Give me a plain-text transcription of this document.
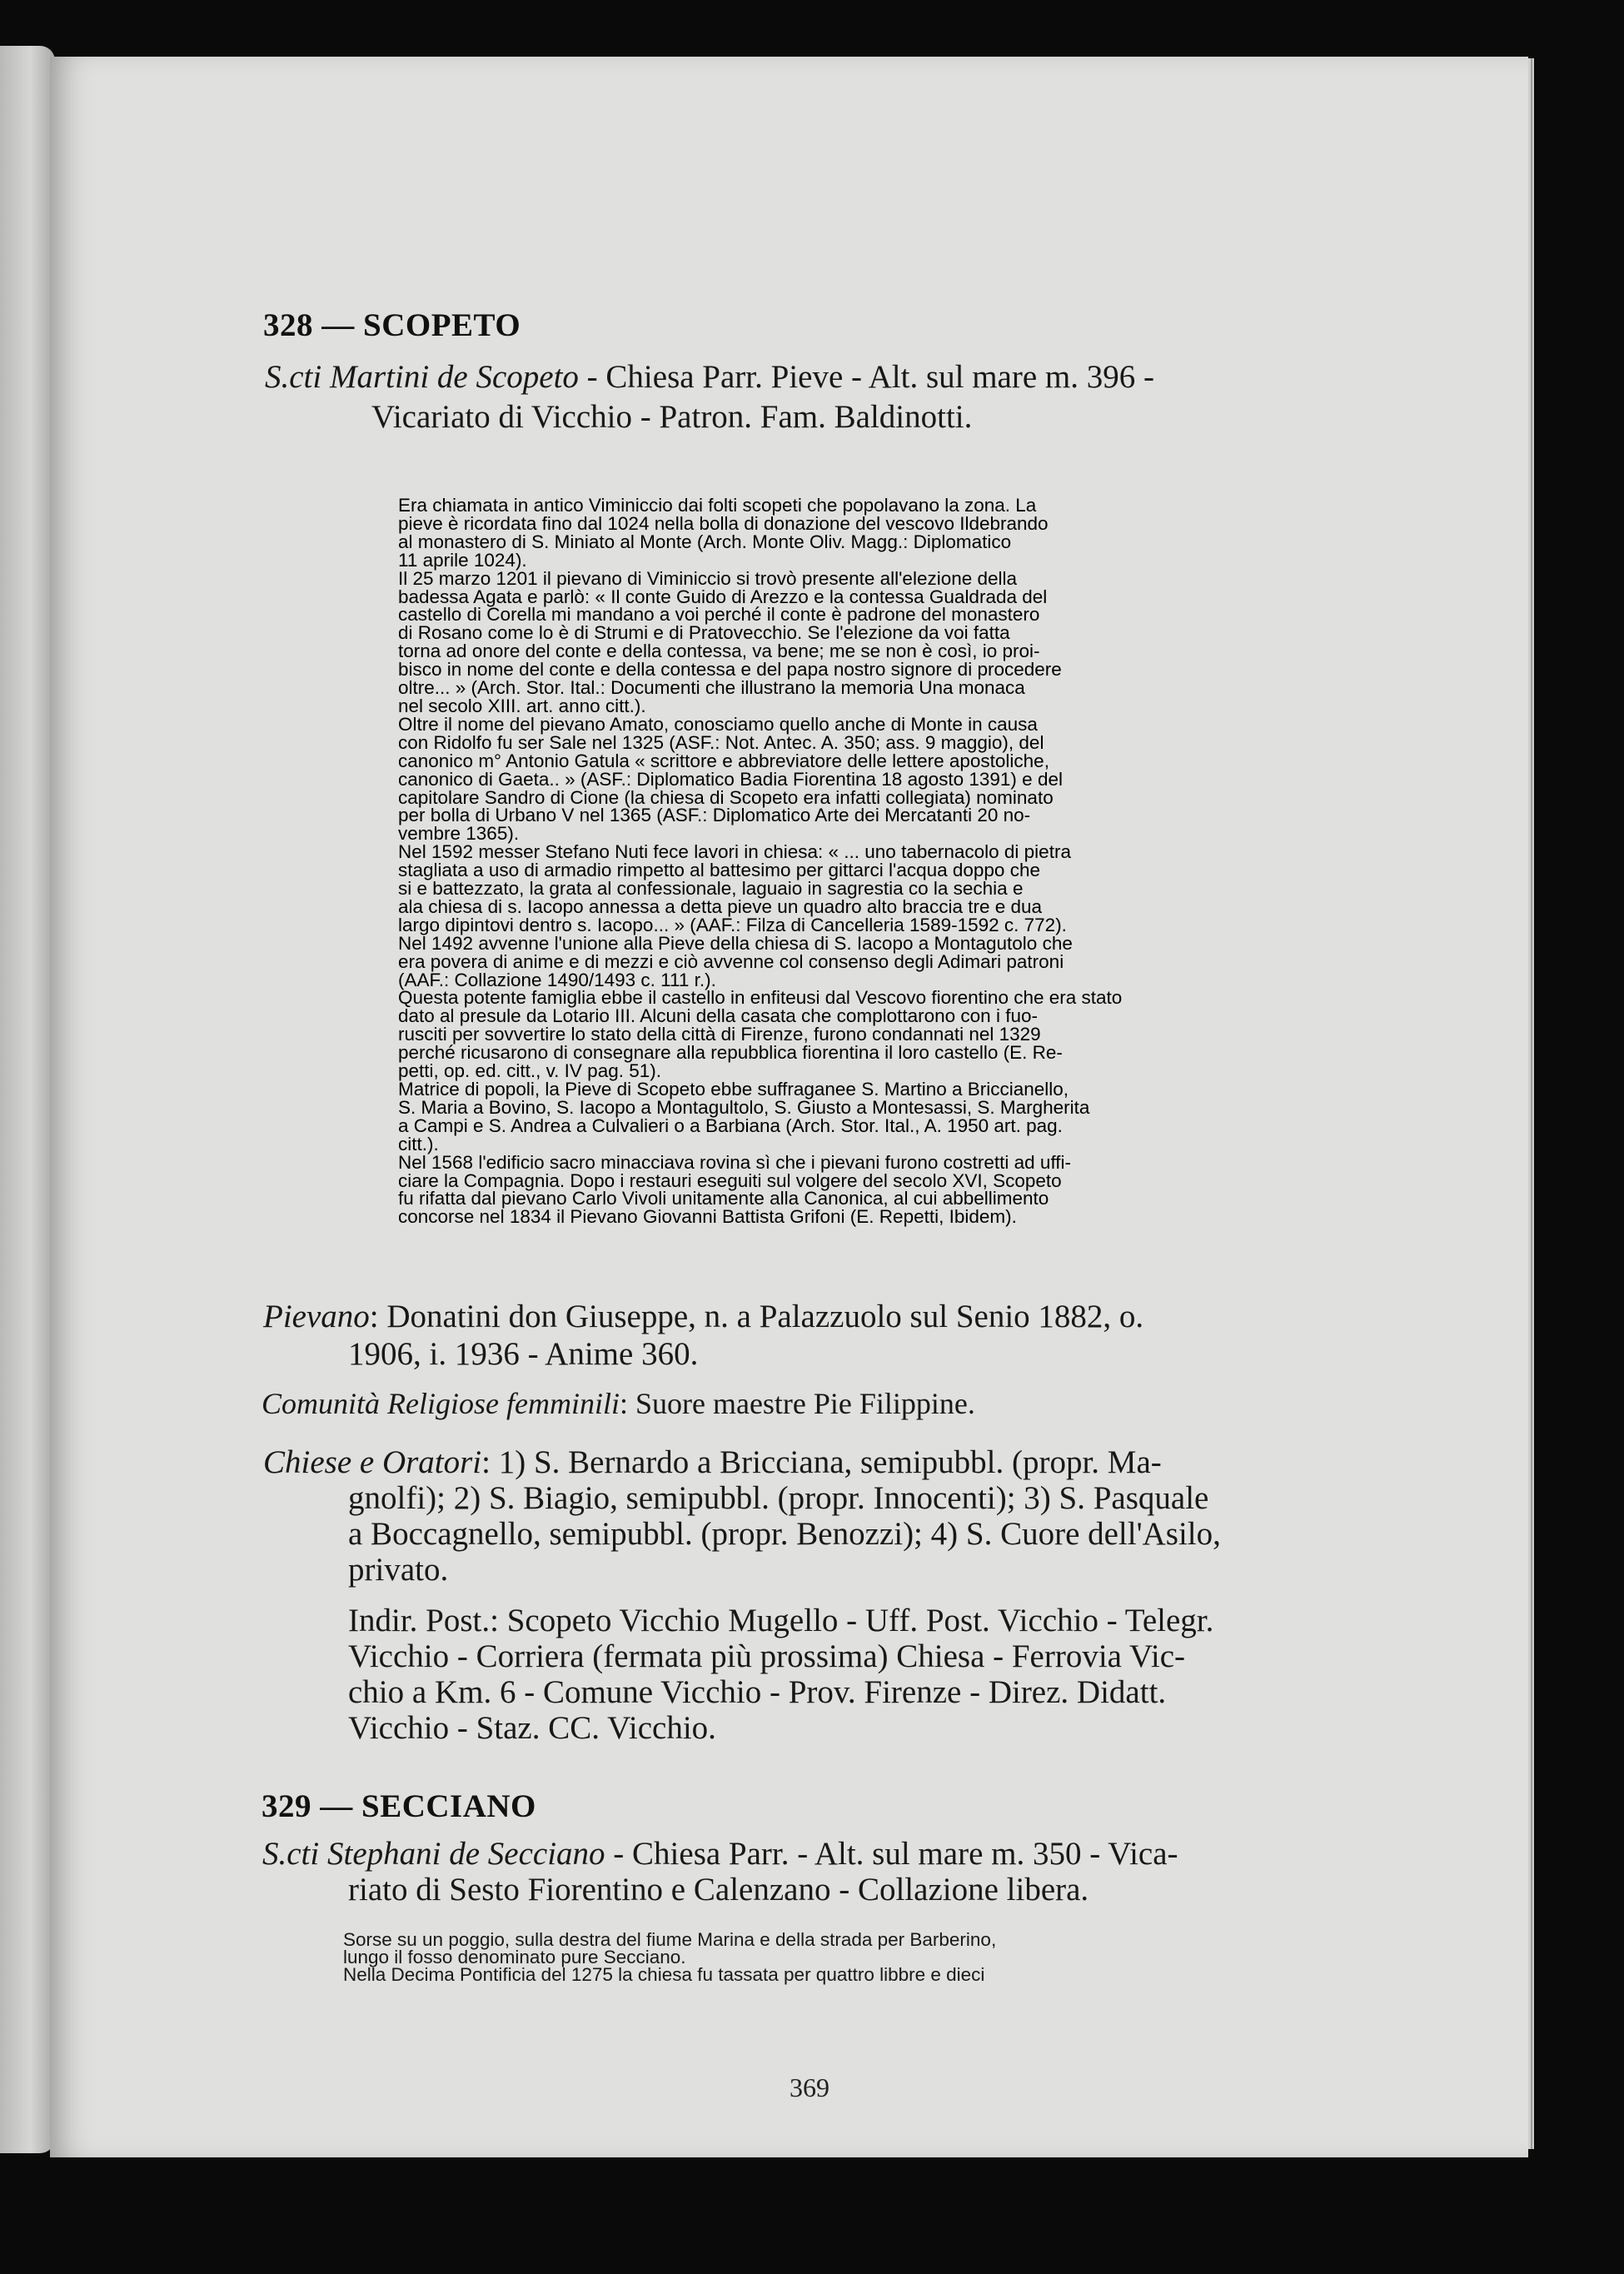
328 — SCOPETO
S.cti Martini de Scopeto - Chiesa Parr. Pieve - Alt. sul mare m. 396 -
Vicariato di Vicchio - Patron. Fam. Baldinotti.
Era chiamata in antico Viminiccio dai folti scopeti che popolavano la zona. La
pieve è ricordata fino dal 1024 nella bolla di donazione del vescovo Ildebrando
al monastero di S. Miniato al Monte (Arch. Monte Oliv. Magg.: Diplomatico
11 aprile 1024).
Il 25 marzo 1201 il pievano di Viminiccio si trovò presente all'elezione della
badessa Agata e parlò: « Il conte Guido di Arezzo e la contessa Gualdrada del
castello di Corella mi mandano a voi perché il conte è padrone del monastero
di Rosano come lo è di Strumi e di Pratovecchio. Se l'elezione da voi fatta
torna ad onore del conte e della contessa, va bene; me se non è così, io proi-
bisco in nome del conte e della contessa e del papa nostro signore di procedere
oltre... » (Arch. Stor. Ital.: Documenti che illustrano la memoria Una monaca
nel secolo XIII. art. anno citt.).
Oltre il nome del pievano Amato, conosciamo quello anche di Monte in causa
con Ridolfo fu ser Sale nel 1325 (ASF.: Not. Antec. A. 350; ass. 9 maggio), del
canonico m° Antonio Gatula « scrittore e abbreviatore delle lettere apostoliche,
canonico di Gaeta.. » (ASF.: Diplomatico Badia Fiorentina 18 agosto 1391) e del
capitolare Sandro di Cione (la chiesa di Scopeto era infatti collegiata) nominato
per bolla di Urbano V nel 1365 (ASF.: Diplomatico Arte dei Mercatanti 20 no-
vembre 1365).
Nel 1592 messer Stefano Nuti fece lavori in chiesa: « ... uno tabernacolo di pietra
stagliata a uso di armadio rimpetto al battesimo per gittarci l'acqua doppo che
si e battezzato, la grata al confessionale, laguaio in sagrestia co la sechia e
ala chiesa di s. Iacopo annessa a detta pieve un quadro alto braccia tre e dua
largo dipintovi dentro s. Iacopo... » (AAF.: Filza di Cancelleria 1589-1592 c. 772).
Nel 1492 avvenne l'unione alla Pieve della chiesa di S. Iacopo a Montagutolo che
era povera di anime e di mezzi e ciò avvenne col consenso degli Adimari patroni
(AAF.: Collazione 1490/1493 c. 111 r.).
Questa potente famiglia ebbe il castello in enfiteusi dal Vescovo fiorentino che era stato
dato al presule da Lotario III. Alcuni della casata che complottarono con i fuo-
rusciti per sovvertire lo stato della città di Firenze, furono condannati nel 1329
perché ricusarono di consegnare alla repubblica fiorentina il loro castello (E. Re-
petti, op. ed. citt., v. IV pag. 51).
Matrice di popoli, la Pieve di Scopeto ebbe suffraganee S. Martino a Briccianello,
S. Maria a Bovino, S. Iacopo a Montagultolo, S. Giusto a Montesassi, S. Margherita
a Campi e S. Andrea a Culvalieri o a Barbiana (Arch. Stor. Ital., A. 1950 art. pag.
citt.).
Nel 1568 l'edificio sacro minacciava rovina sì che i pievani furono costretti ad uffi-
ciare la Compagnia. Dopo i restauri eseguiti sul volgere del secolo XVI, Scopeto
fu rifatta dal pievano Carlo Vivoli unitamente alla Canonica, al cui abbellimento
concorse nel 1834 il Pievano Giovanni Battista Grifoni (E. Repetti, Ibidem).
Pievano: Donatini don Giuseppe, n. a Palazzuolo sul Senio 1882, o.
1906, i. 1936 - Anime 360.
Comunità Religiose femminili: Suore maestre Pie Filippine.
Chiese e Oratori: 1) S. Bernardo a Bricciana, semipubbl. (propr. Ma-
gnolfi); 2) S. Biagio, semipubbl. (propr. Innocenti); 3) S. Pasquale
a Boccagnello, semipubbl. (propr. Benozzi); 4) S. Cuore dell'Asilo,
privato.
Indir. Post.: Scopeto Vicchio Mugello - Uff. Post. Vicchio - Telegr.
Vicchio - Corriera (fermata più prossima) Chiesa - Ferrovia Vic-
chio a Km. 6 - Comune Vicchio - Prov. Firenze - Direz. Didatt.
Vicchio - Staz. CC. Vicchio.
329 — SECCIANO
S.cti Stephani de Secciano - Chiesa Parr. - Alt. sul mare m. 350 - Vica-
riato di Sesto Fiorentino e Calenzano - Collazione libera.
Sorse su un poggio, sulla destra del fiume Marina e della strada per Barberino,
lungo il fosso denominato pure Secciano.
Nella Decima Pontificia del 1275 la chiesa fu tassata per quattro libbre e dieci
369
